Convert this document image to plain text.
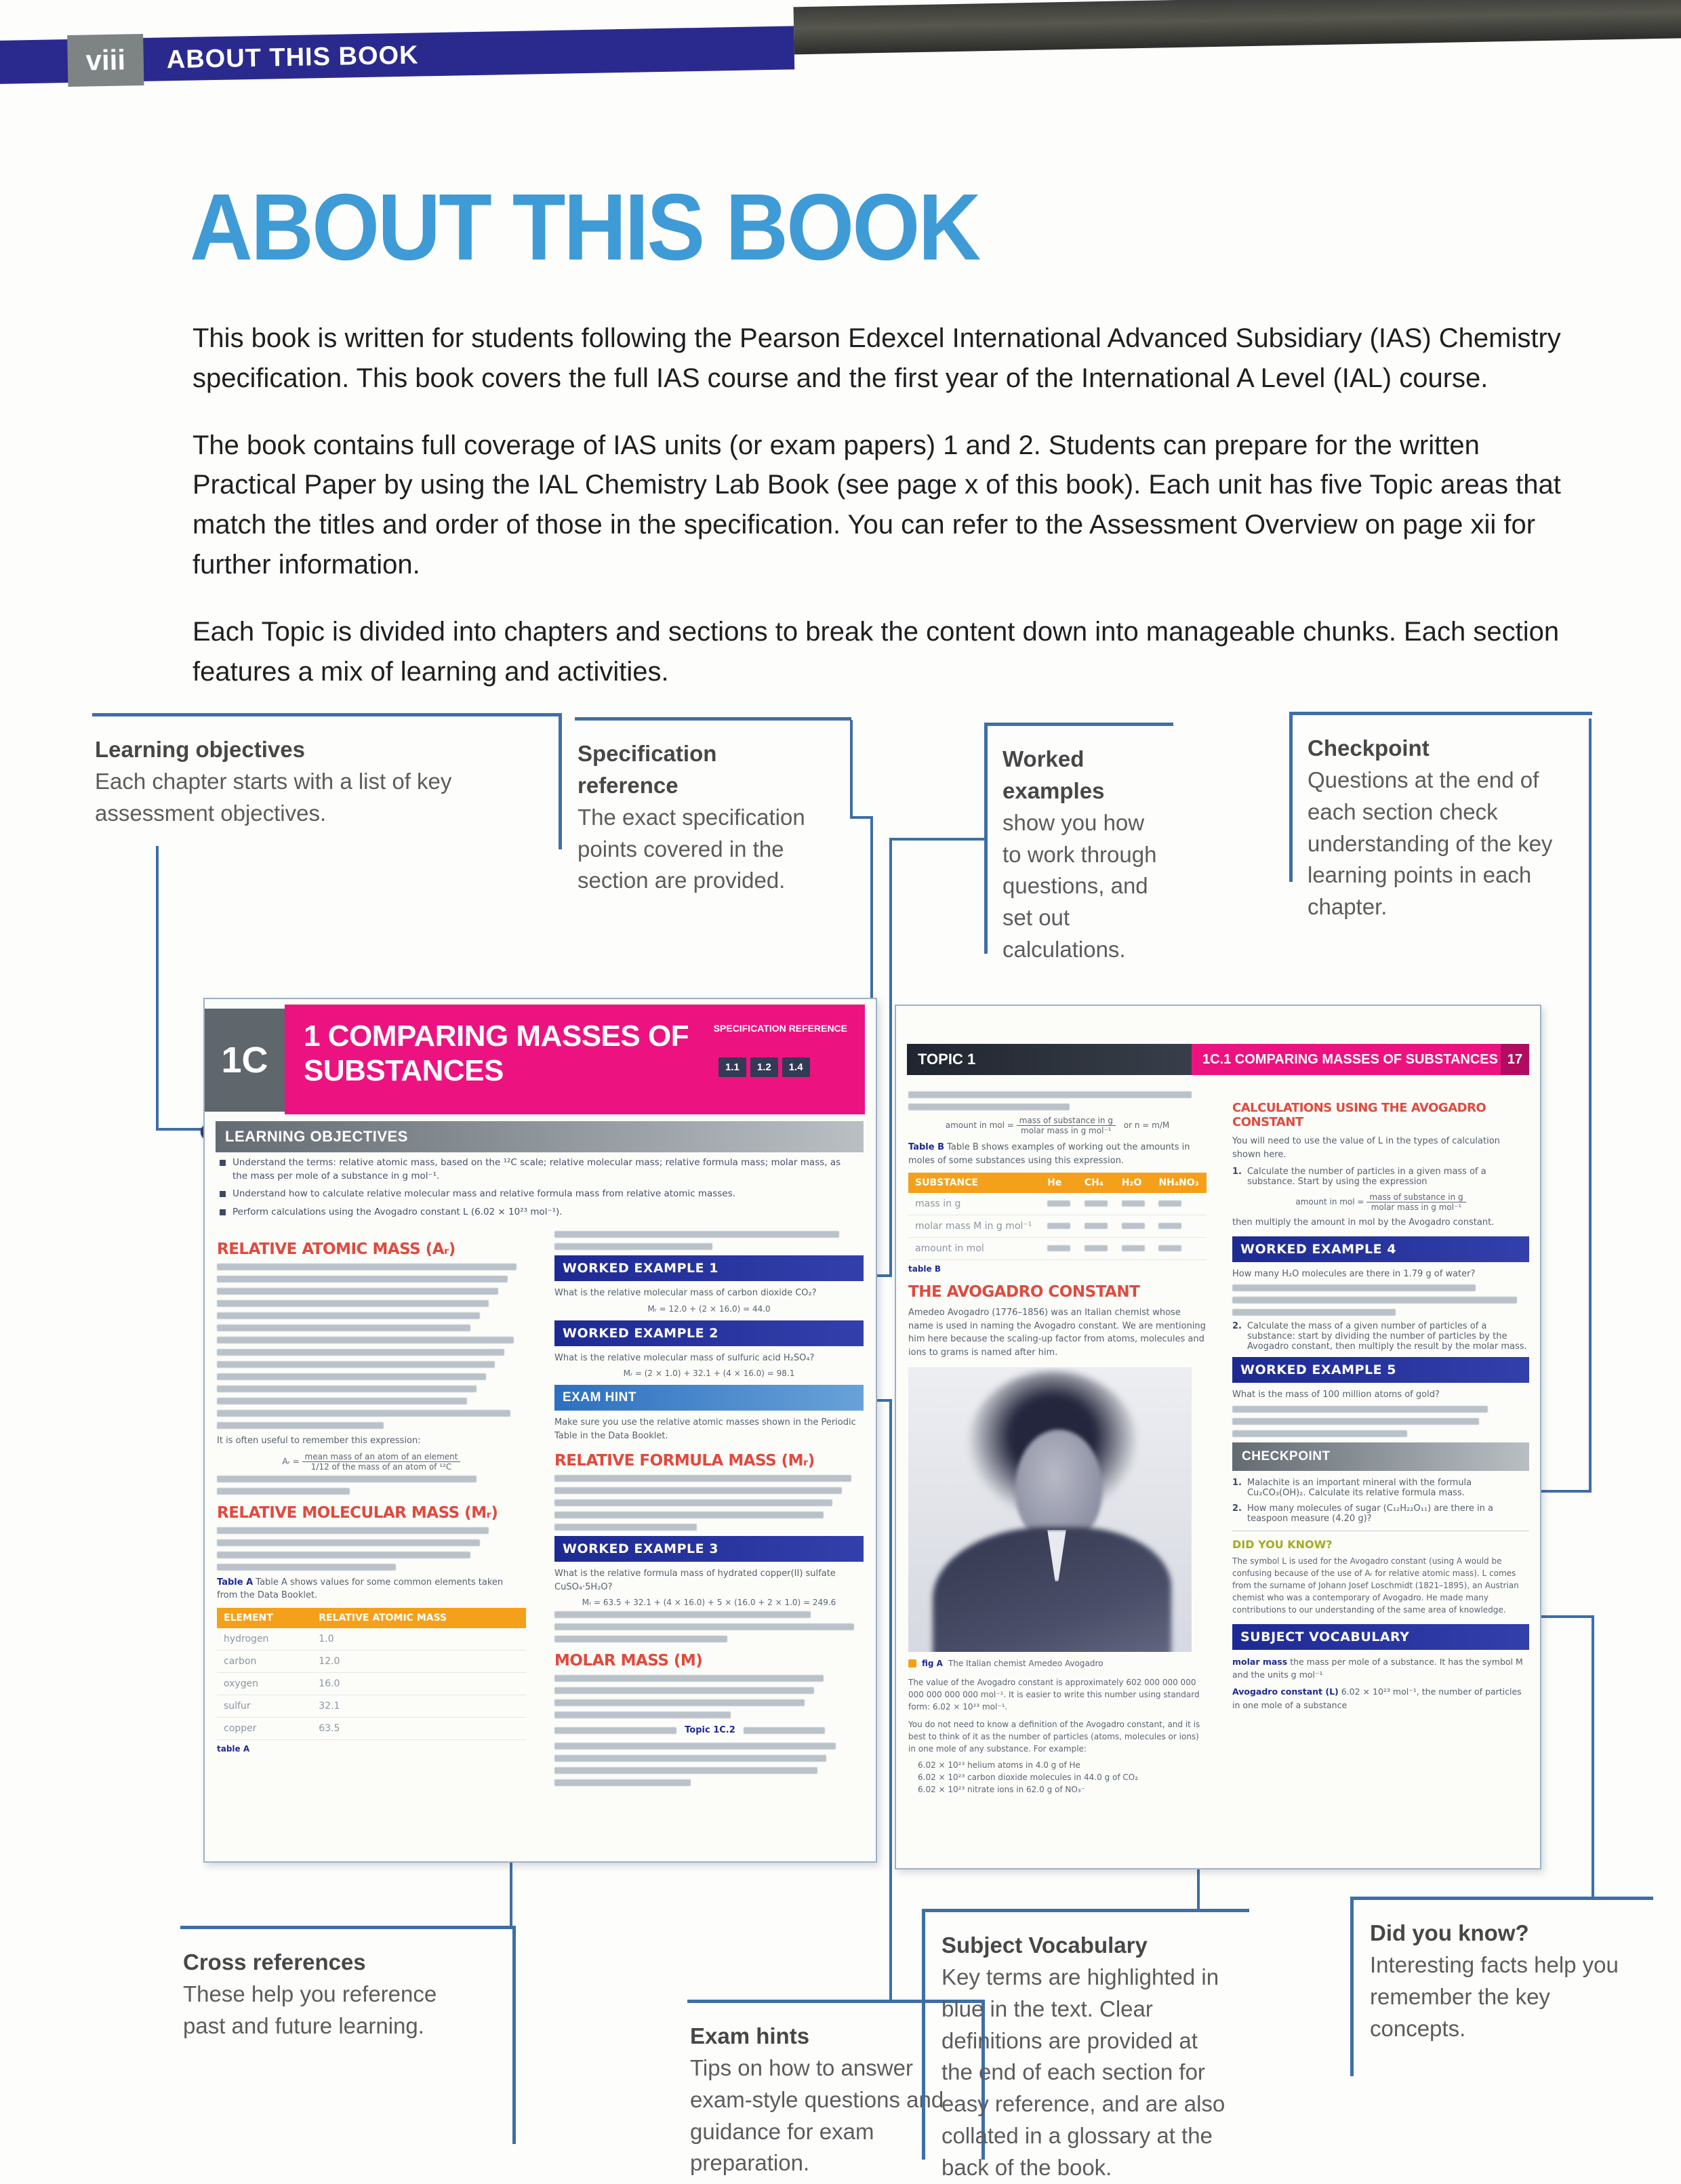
viii	ABOUT THIS BOOK
ABOUT THIS BOOK

This book is written for students following the Pearson Edexcel International Advanced Subsidiary (IAS) Chemistry specification. This book covers the full IAS course and the first year of the International A Level (IAL) course.

The book contains full coverage of IAS units (or exam papers) 1 and 2. Students can prepare for the written Practical Paper by using the IAL Chemistry Lab Book (see page x of this book). Each unit has five Topic areas that match the titles and order of those in the specification. You can refer to the Assessment Overview on page xii for further information.

Each Topic is divided into chapters and sections to break the content down into manageable chunks. Each section features a mix of learning and activities.

Learning objectives
Each chapter starts with a list of key assessment objectives.
Specification reference
The exact specification points covered in the section are provided.
Worked examples
show you how to work through questions, and set out calculations.
Checkpoint
Questions at the end of each section check understanding of the key learning points in each chapter.
Cross references
These help you reference past and future learning.	Exam hints
Tips on how to answer exam-style questions and guidance for exam preparation.
Subject Vocabulary
Key terms are highlighted in blue in the text. Clear definitions are provided at the end of each section for easy reference, and are also collated in a glossary at the back of the book.
Did you know?
Interesting facts help you remember the key concepts.
1C
1 COMPARING MASSES OF
SUBSTANCES
SPECIFICATION REFERENCE
1.1	1.2	1.4
LEARNING OBJECTIVES
Understand the terms: relative atomic mass, based on the ¹²C scale; relative molecular mass; relative formula mass; molar mass, as the mass per mole of a substance in g mol⁻¹.
Understand how to calculate relative molecular mass and relative formula mass from relative atomic masses.
Perform calculations using the Avogadro constant L (6.02 × 10²³ mol⁻¹).
RELATIVE ATOMIC MASS (Aᵣ)
It is often useful to remember this expression:
Aᵣ = mean mass of an atom of an element
1/12 of the mass of an atom of ¹²C
RELATIVE MOLECULAR MASS (Mᵣ)
Table A Table A shows values for some common elements taken from the Data Booklet.
ELEMENT	RELATIVE ATOMIC MASS
hydrogen	1.0
carbon	12.0
oxygen	16.0
sulfur	32.1
copper	63.5
table A
WORKED EXAMPLE 1
What is the relative molecular mass of carbon dioxide CO₂?
Mᵣ = 12.0 + (2 × 16.0) = 44.0
WORKED EXAMPLE 2
What is the relative molecular mass of sulfuric acid H₂SO₄?
Mᵣ = (2 × 1.0) + 32.1 + (4 × 16.0) = 98.1
EXAM HINT
Make sure you use the relative atomic masses shown in the Periodic Table in the Data Booklet.
RELATIVE FORMULA MASS (Mᵣ)
WORKED EXAMPLE 3
What is the relative formula mass of hydrated copper(II) sulfate CuSO₄·5H₂O?
Mᵣ = 63.5 + 32.1 + (4 × 16.0) + 5 × (16.0 + 2 × 1.0) = 249.6
MOLAR MASS (M)
Topic 1C.2
TOPIC 1	1C.1 COMPARING MASSES OF SUBSTANCES 17
amount in mol = mass of substance in g
molar mass in g mol⁻¹
or n = m/M
Table B Table B shows examples of working out the amounts in moles of some substances using this expression.
SUBSTANCE	He	CH₄	H₂O	NH₄NO₃
mass in g				
molar mass M in g mol⁻¹				
amount in mol				
table B
THE AVOGADRO CONSTANT
Amedeo Avogadro (1776–1856) was an Italian chemist whose name is used in naming the Avogadro constant. We are mentioning him here because the scaling-up factor from atoms, molecules and ions to grams is named after him.
fig A The Italian chemist Amedeo Avogadro
The value of the Avogadro constant is approximately 602 000 000 000 000 000 000 000 mol⁻¹. It is easier to write this number using standard form: 6.02 × 10²³ mol⁻¹.
You do not need to know a definition of the Avogadro constant, and it is best to think of it as the number of particles (atoms, molecules or ions) in one mole of any substance. For example:
6.02 × 10²³ helium atoms in 4.0 g of He
6.02 × 10²³ carbon dioxide molecules in 44.0 g of CO₂
6.02 × 10²³ nitrate ions in 62.0 g of NO₃⁻
CALCULATIONS USING THE AVOGADRO CONSTANT
You will need to use the value of L in the types of calculation shown here.
1. Calculate the number of particles in a given mass of a substance. Start by using the expression
amount in mol = mass of substance in g
molar mass in g mol⁻¹
then multiply the amount in mol by the Avogadro constant.
WORKED EXAMPLE 4
How many H₂O molecules are there in 1.79 g of water?
2. Calculate the mass of a given number of particles of a substance: start by dividing the number of particles by the Avogadro constant, then multiply the result by the molar mass.
WORKED EXAMPLE 5
What is the mass of 100 million atoms of gold?
CHECKPOINT
1. Malachite is an important mineral with the formula Cu₂CO₃(OH)₂. Calculate its relative formula mass.
2. How many molecules of sugar (C₁₂H₂₂O₁₁) are there in a teaspoon measure (4.20 g)?
DID YOU KNOW?
The symbol L is used for the Avogadro constant (using A would be confusing because of the use of Aᵣ for relative atomic mass). L comes from the surname of Johann Josef Loschmidt (1821–1895), an Austrian chemist who was a contemporary of Avogadro. He made many contributions to our understanding of the same area of knowledge.
SUBJECT VOCABULARY
molar mass the mass per mole of a substance. It has the symbol M and the units g mol⁻¹
Avogadro constant (L) 6.02 × 10²³ mol⁻¹, the number of particles in one mole of a substance
